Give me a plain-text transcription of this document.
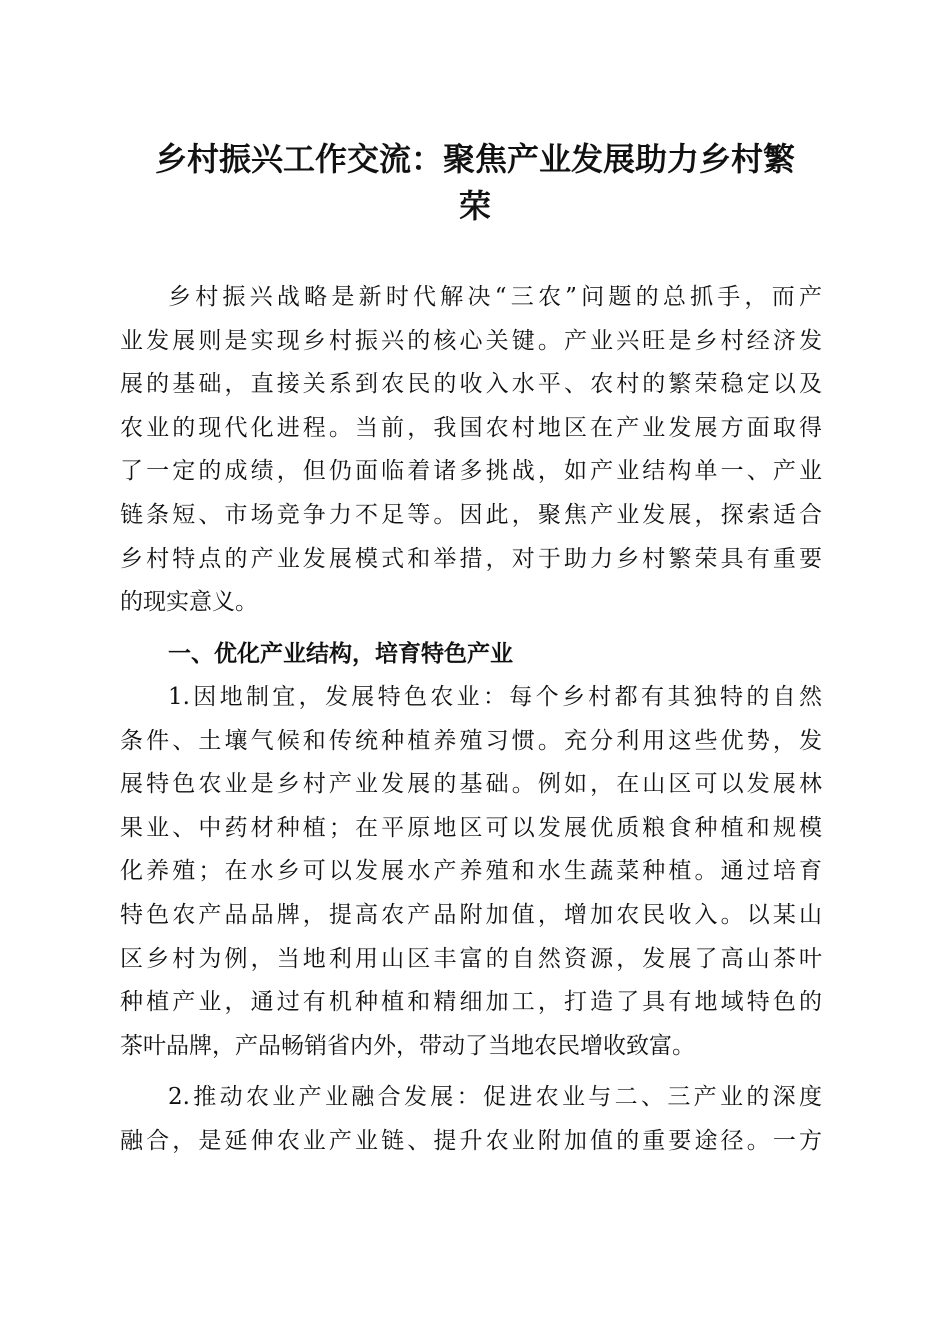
乡村振兴工作交流：聚焦产业发展助力乡村繁
荣
乡村振兴战略是新时代解决“三农”问题的总抓手，而产
业发展则是实现乡村振兴的核心关键。产业兴旺是乡村经济发
展的基础，直接关系到农民的收入水平、农村的繁荣稳定以及
农业的现代化进程。当前，我国农村地区在产业发展方面取得
了一定的成绩，但仍面临着诸多挑战，如产业结构单一、产业
链条短、市场竞争力不足等。因此，聚焦产业发展，探索适合
乡村特点的产业发展模式和举措，对于助力乡村繁荣具有重要
的现实意义。
一、优化产业结构，培育特色产业
1.因地制宜，发展特色农业：每个乡村都有其独特的自然
条件、土壤气候和传统种植养殖习惯。充分利用这些优势，发
展特色农业是乡村产业发展的基础。例如，在山区可以发展林
果业、中药材种植；在平原地区可以发展优质粮食种植和规模
化养殖；在水乡可以发展水产养殖和水生蔬菜种植。通过培育
特色农产品品牌，提高农产品附加值，增加农民收入。以某山
区乡村为例，当地利用山区丰富的自然资源，发展了高山茶叶
种植产业，通过有机种植和精细加工，打造了具有地域特色的
茶叶品牌，产品畅销省内外，带动了当地农民增收致富。
2.推动农业产业融合发展：促进农业与二、三产业的深度
融合，是延伸农业产业链、提升农业附加值的重要途径。一方
